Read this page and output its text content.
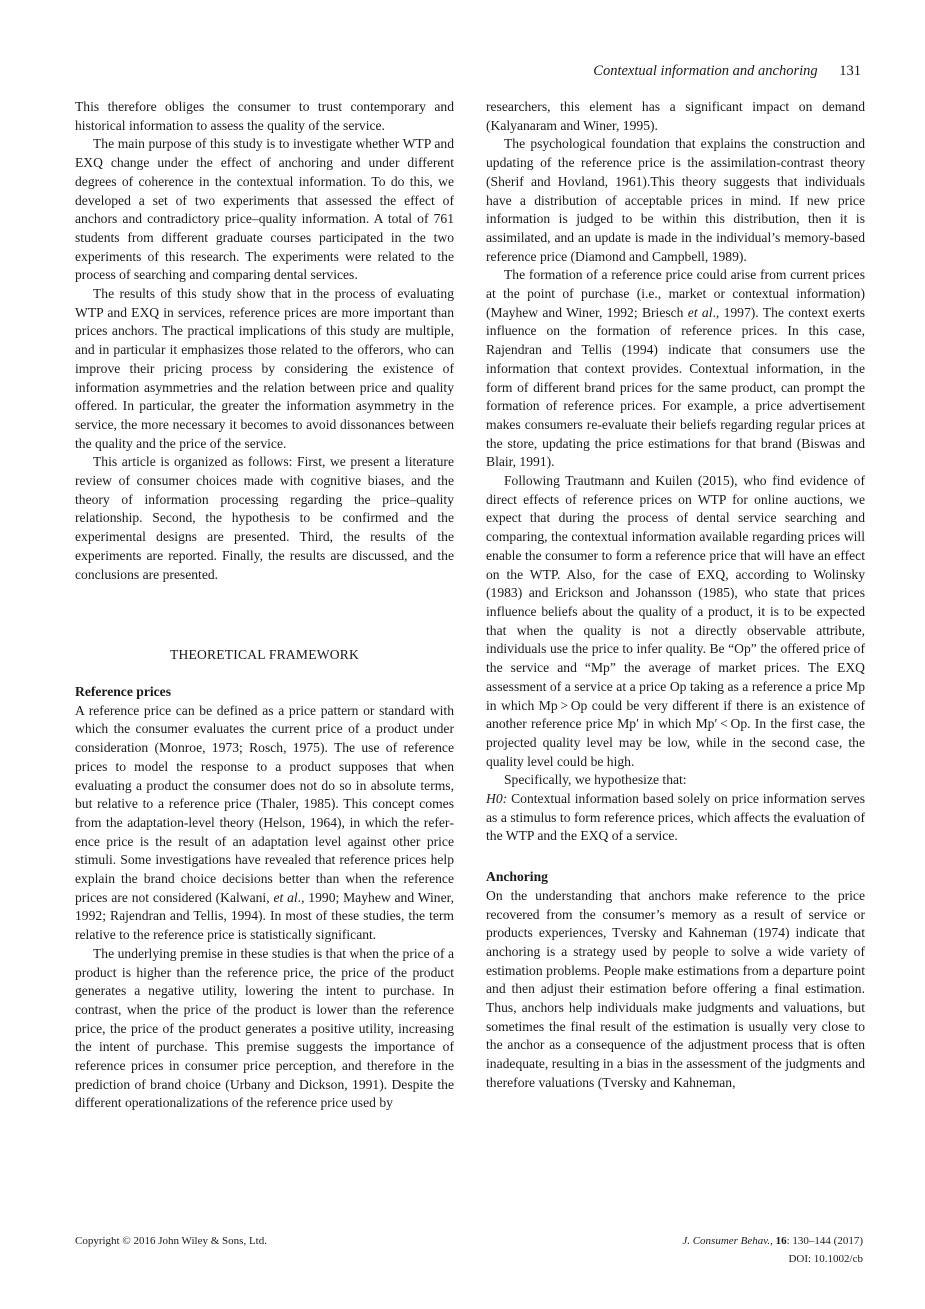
Contextual information and anchoring 131

This therefore obliges the consumer to trust contemporary and historical information to assess the quality of the service.

The main purpose of this study is to investigate whether WTP and EXQ change under the effect of anchoring and under different degrees of coherence in the contextual information. To do this, we developed a set of two experiments that assessed the effect of anchors and contradictory price–quality information. A total of 761 students from different graduate courses participated in the two experiments of this research. The experiments were related to the process of searching and comparing dental services.

The results of this study show that in the process of evaluating WTP and EXQ in services, reference prices are more important than prices anchors. The practical implications of this study are multiple, and in particular it emphasizes those related to the offerors, who can improve their pricing process by considering the existence of information asymmetries and the relation between price and quality offered. In particular, the greater the information asymmetry in the service, the more necessary it becomes to avoid dissonances between the quality and the price of the service.

This article is organized as follows: First, we present a literature review of consumer choices made with cognitive biases, and the theory of information processing regarding the price–quality relationship. Second, the hypothesis to be confirmed and the experimental designs are presented. Third, the results of the experiments are reported. Finally, the results are discussed, and the conclusions are presented.

THEORETICAL FRAMEWORK

Reference prices

A reference price can be defined as a price pattern or standard with which the consumer evaluates the current price of a product under consideration (Monroe, 1973; Rosch, 1975). The use of reference prices to model the response to a product supposes that when evaluating a product the consumer does not do so in absolute terms, but relative to a reference price (Thaler, 1985). This concept comes from the adaptation-level theory (Helson, 1964), in which the reference price is the result of an adaptation level against other price stimuli. Some investigations have revealed that reference prices help explain the brand choice decisions better than when the reference prices are not considered (Kalwani, et al., 1990; Mayhew and Winer, 1992; Rajendran and Tellis, 1994). In most of these studies, the term relative to the reference price is statistically significant.

The underlying premise in these studies is that when the price of a product is higher than the reference price, the price of the product generates a negative utility, lowering the intent to purchase. In contrast, when the price of the product is lower than the reference price, the price of the product generates a positive utility, increasing the intent of purchase. This premise suggests the importance of reference prices in consumer price perception, and therefore in the prediction of brand choice (Urbany and Dickson, 1991). Despite the different operationalizations of the reference price used by

researchers, this element has a significant impact on demand (Kalyanaram and Winer, 1995).

The psychological foundation that explains the construction and updating of the reference price is the assimilation-contrast theory (Sherif and Hovland, 1961).This theory suggests that individuals have a distribution of acceptable prices in mind. If new price information is judged to be within this distribution, then it is assimilated, and an update is made in the individual’s memory-based reference price (Diamond and Campbell, 1989).

The formation of a reference price could arise from current prices at the point of purchase (i.e., market or contextual information) (Mayhew and Winer, 1992; Briesch et al., 1997). The context exerts influence on the formation of reference prices. In this case, Rajendran and Tellis (1994) indicate that consumers use the information that context provides. Contextual information, in the form of different brand prices for the same product, can prompt the formation of reference prices. For example, a price advertisement makes consumers re-evaluate their beliefs regarding regular prices at the store, updating the price estimations for that brand (Biswas and Blair, 1991).

Following Trautmann and Kuilen (2015), who find evidence of direct effects of reference prices on WTP for online auctions, we expect that during the process of dental service searching and comparing, the contextual information available regarding prices will enable the consumer to form a reference price that will have an effect on the WTP. Also, for the case of EXQ, according to Wolinsky (1983) and Erickson and Johansson (1985), who state that prices influence beliefs about the quality of a product, it is to be expected that when the quality is not a directly observable attribute, individuals use the price to infer quality. Be “Op” the offered price of the service and “Mp” the average of market prices. The EXQ assessment of a service at a price Op taking as a reference a price Mp in which Mp > Op could be very different if there is an existence of another reference price Mp′ in which Mp′ < Op. In the first case, the projected quality level may be low, while in the second case, the quality level could be high.

Specifically, we hypothesize that:

H0: Contextual information based solely on price information serves as a stimulus to form reference prices, which affects the evaluation of the WTP and the EXQ of a service.

Anchoring

On the understanding that anchors make reference to the price recovered from the consumer’s memory as a result of service or products experiences, Tversky and Kahneman (1974) indicate that anchoring is a strategy used by people to solve a wide variety of estimation problems. People make estimations from a departure point and then adjust their estimation before offering a final estimation. Thus, anchors help individuals make judgments and valuations, but sometimes the final result of the estimation is usually very close to the anchor as a consequence of the adjustment process that is often inadequate, resulting in a bias in the assessment of the judgments and therefore valuations (Tversky and Kahneman,

Copyright © 2016 John Wiley & Sons, Ltd.	J. Consumer Behav., 16: 130–144 (2017)
DOI: 10.1002/cb
